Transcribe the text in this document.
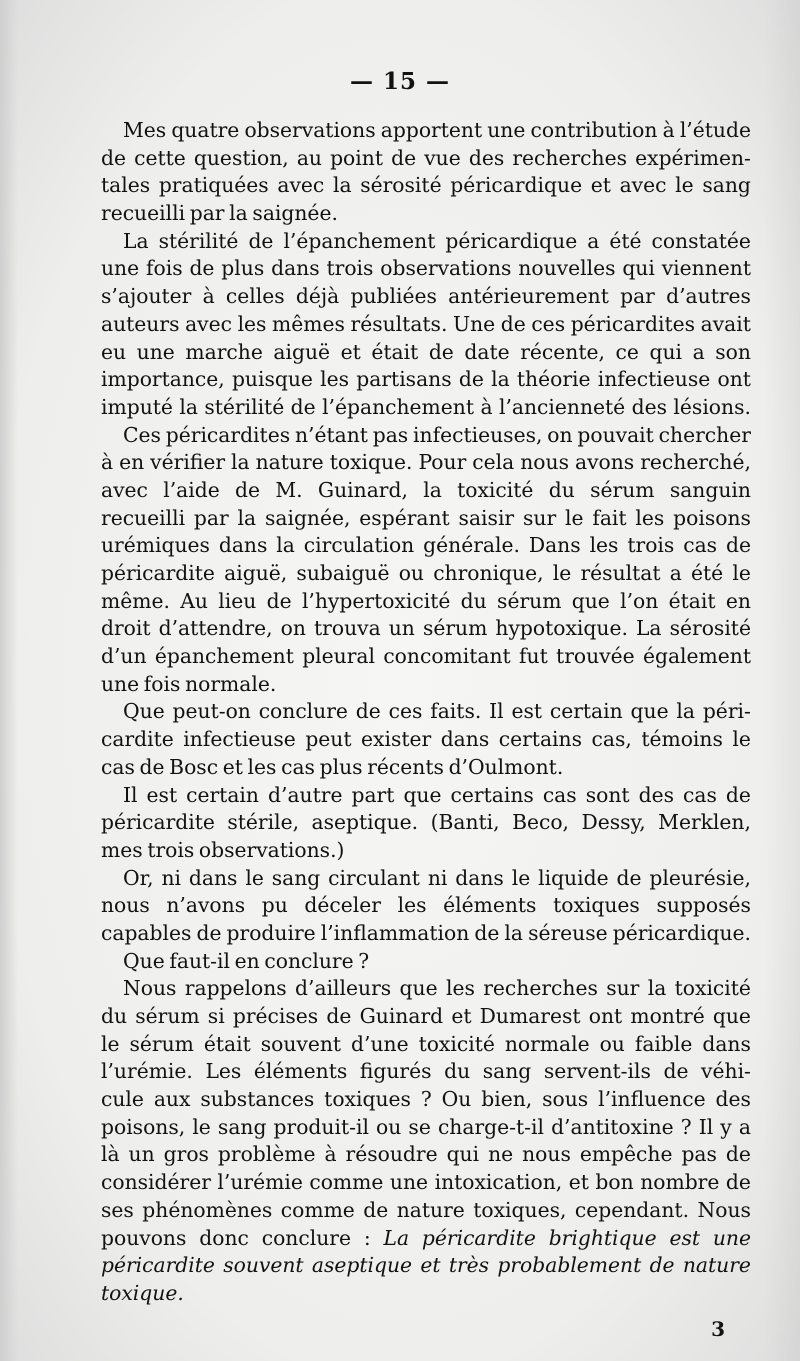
— 15 —
Mes quatre observations apportent une contribution à l’étude
de cette question, au point de vue des recherches expérimen-
tales pratiquées avec la sérosité péricardique et avec le sang
recueilli par la saignée.
La stérilité de l’épanchement péricardique a été constatée
une fois de plus dans trois observations nouvelles qui viennent
s’ajouter à celles déjà publiées antérieurement par d’autres
auteurs avec les mêmes résultats. Une de ces péricardites avait
eu une marche aiguë et était de date récente, ce qui a son
importance, puisque les partisans de la théorie infectieuse ont
imputé la stérilité de l’épanchement à l’ancienneté des lésions.
Ces péricardites n’étant pas infectieuses, on pouvait chercher
à en vérifier la nature toxique. Pour cela nous avons recherché,
avec l’aide de M. Guinard, la toxicité du sérum sanguin
recueilli par la saignée, espérant saisir sur le fait les poisons
urémiques dans la circulation générale. Dans les trois cas de
péricardite aiguë, subaiguë ou chronique, le résultat a été le
même. Au lieu de l’hypertoxicité du sérum que l’on était en
droit d’attendre, on trouva un sérum hypotoxique. La sérosité
d’un épanchement pleural concomitant fut trouvée également
une fois normale.
Que peut-on conclure de ces faits. Il est certain que la péri-
cardite infectieuse peut exister dans certains cas, témoins le
cas de Bosc et les cas plus récents d’Oulmont.
Il est certain d’autre part que certains cas sont des cas de
péricardite stérile, aseptique. (Banti, Beco, Dessy, Merklen,
mes trois observations.)
Or, ni dans le sang circulant ni dans le liquide de pleurésie,
nous n’avons pu déceler les éléments toxiques supposés
capables de produire l’inflammation de la séreuse péricardique.
Que faut-il en conclure ?
Nous rappelons d’ailleurs que les recherches sur la toxicité
du sérum si précises de Guinard et Dumarest ont montré que
le sérum était souvent d’une toxicité normale ou faible dans
l’urémie. Les éléments figurés du sang servent-ils de véhi-
cule aux substances toxiques ? Ou bien, sous l’influence des
poisons, le sang produit-il ou se charge-t-il d’antitoxine ? Il y a
là un gros problème à résoudre qui ne nous empêche pas de
considérer l’urémie comme une intoxication, et bon nombre de
ses phénomènes comme de nature toxiques, cependant. Nous
pouvons donc conclure : La péricardite brightique est une
péricardite souvent aseptique et très probablement de nature
toxique.
3
